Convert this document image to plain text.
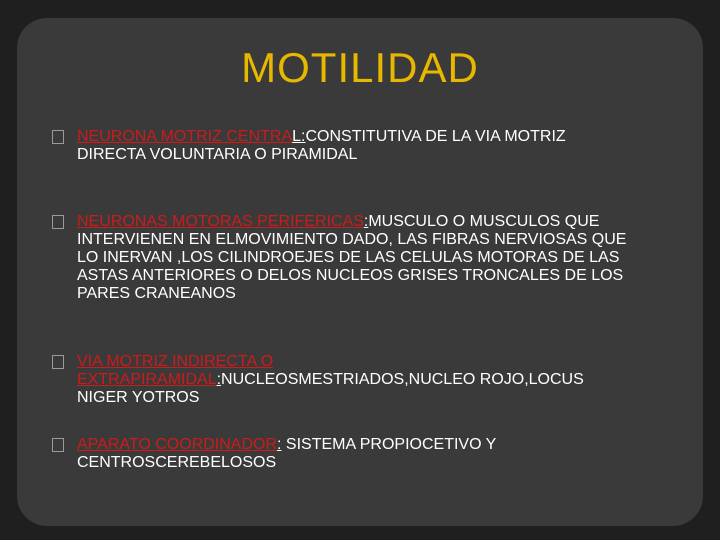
MOTILIDAD
NEURONA MOTRIZ CENTRAL:CONSTITUTIVA DE LA VIA MOTRIZ DIRECTA VOLUNTARIA O PIRAMIDAL
NEURONAS MOTORAS PERIFERICAS:MUSCULO O MUSCULOS QUE INTERVIENEN EN ELMOVIMIENTO DADO, LAS FIBRAS NERVIOSAS QUE LO INERVAN ,LOS CILINDROEJES DE LAS CELULAS MOTORAS DE LAS ASTAS ANTERIORES O DELOS NUCLEOS GRISES TRONCALES DE LOS PARES CRANEANOS
VIA MOTRIZ INDIRECTA O EXTRAPIRAMIDAL:NUCLEOSMESTRIADOS,NUCLEO ROJO,LOCUS NIGER YOTROS
APARATO COORDINADOR: SISTEMA PROPIOCETIVO Y CENTROSCEREBELOSOS
